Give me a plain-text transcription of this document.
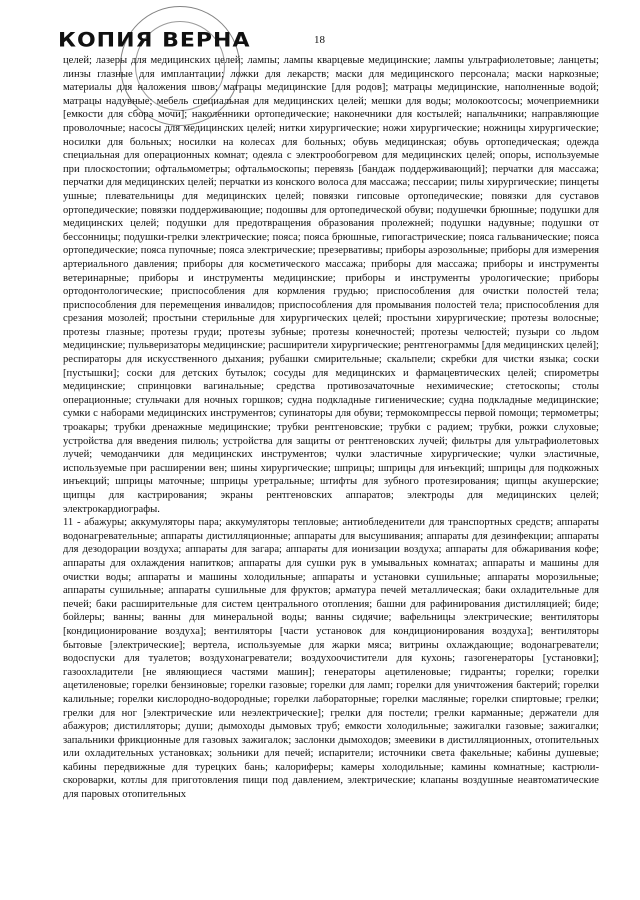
КОПИЯ ВЕРНА	18

целей; лазеры для медицинских целей; лампы; лампы кварцевые медицинские; лампы ультрафиолетовые; ланцеты; линзы глазные для имплантации; ложки для лекарств; маски для медицинского персонала; маски наркозные; материалы для наложения швов; матрацы медицинские [для родов]; матрацы медицинские, наполненные водой; матрацы надувные; мебель специальная для медицинских целей; мешки для воды; молокоотсосы; мочеприемники [емкости для сбора мочи]; наколенники ортопедические; наконечники для костылей; напальчники; направляющие проволочные; насосы для медицинских целей; нитки хирургические; ножи хирургические; ножницы хирургические; носилки для больных; носилки на колесах для больных; обувь медицинская; обувь ортопедическая; одежда специальная для операционных комнат; одеяла с электрообогревом для медицинских целей; опоры, используемые при плоскостопии; офтальмометры; офтальмоскопы; перевязь [бандаж поддерживающий]; перчатки для массажа; перчатки для медицинских целей; перчатки из конского волоса для массажа; пессарии; пилы хирургические; пинцеты ушные; плевательницы для медицинских целей; повязки гипсовые ортопедические; повязки для суставов ортопедические; повязки поддерживающие; подошвы для ортопедической обуви; подушечки брюшные; подушки для медицинских целей; подушки для предотвращения образования пролежней; подушки надувные; подушки от бессонницы; подушки-грелки электрические; пояса; пояса брюшные, гипогастрические; пояса гальванические; пояса ортопедические; пояса пупочные; пояса электрические; презервативы; приборы аэрозольные; приборы для измерения артериального давления; приборы для косметического массажа; приборы для массажа; приборы и инструменты ветеринарные; приборы и инструменты медицинские; приборы и инструменты урологические; приборы ортодонтологические; приспособления для кормления грудью; приспособления для очистки полостей тела; приспособления для перемещения инвалидов; приспособления для промывания полостей тела; приспособления для срезания мозолей; простыни стерильные для хирургических целей; простыни хирургические; протезы волосные; протезы глазные; протезы груди; протезы зубные; протезы конечностей; протезы челюстей; пузыри со льдом медицинские; пульверизаторы медицинские; расширители хирургические; рентгенограммы [для медицинских целей]; респираторы для искусственного дыхания; рубашки смирительные; скальпели; скребки для чистки языка; соски [пустышки]; соски для детских бутылок; сосуды для медицинских и фармацевтических целей; спирометры медицинские; спринцовки вагинальные; средства противозачаточные нехимические; стетоскопы; столы операционные; стульчаки для ночных горшков; судна подкладные гигиенические; судна подкладные медицинские; сумки с наборами медицинских инструментов; супинаторы для обуви; термокомпрессы первой помощи; термометры; троакары; трубки дренажные медицинские; трубки рентгеновские; трубки с радием; трубки, рожки слуховые; устройства для введения пилюль; устройства для защиты от рентгеновских лучей; фильтры для ультрафиолетовых лучей; чемоданчики для медицинских инструментов; чулки эластичные хирургические; чулки эластичные, используемые при расширении вен; шины хирургические; шприцы; шприцы для инъекций; шприцы для подкожных инъекций; шприцы маточные; шприцы уретральные; штифты для зубного протезирования; щипцы акушерские; щипцы для кастрирования; экраны рентгеновских аппаратов; электроды для медицинских целей; электрокардиографы.

11 - абажуры; аккумуляторы пара; аккумуляторы тепловые; антиобледенители для транспортных средств; аппараты водонагревательные; аппараты дистилляционные; аппараты для высушивания; аппараты для дезинфекции; аппараты для дезодорации воздуха; аппараты для загара; аппараты для ионизации воздуха; аппараты для обжаривания кофе; аппараты для охлаждения напитков; аппараты для сушки рук в умывальных комнатах; аппараты и машины для очистки воды; аппараты и машины холодильные; аппараты и установки сушильные; аппараты морозильные; аппараты сушильные; аппараты сушильные для фруктов; арматура печей металлическая; баки охладительные для печей; баки расширительные для систем центрального отопления; башни для рафинирования дистилляцией; биде; бойлеры; ванны; ванны для минеральной воды; ванны сидячие; вафельницы электрические; вентиляторы [кондиционирование воздуха]; вентиляторы [части установок для кондиционирования воздуха]; вентиляторы бытовые [электрические]; вертела, используемые для жарки мяса; витрины охлаждающие; водонагреватели; водоспуски для туалетов; воздухонагреватели; воздухоочистители для кухонь; газогенераторы [установки]; газоохладители [не являющиеся частями машин]; генераторы ацетиленовые; гидранты; горелки; горелки ацетиленовые; горелки бензиновые; горелки газовые; горелки для ламп; горелки для уничтожения бактерий; горелки калильные; горелки кислородно-водородные; горелки лабораторные; горелки масляные; горелки спиртовые; грелки; грелки для ног [электрические или неэлектрические]; грелки для постели; грелки карманные; держатели для абажуров; дистилляторы; души; дымоходы дымовых труб; емкости холодильные; зажигалки газовые; зажигалки; запальники фрикционные для газовых зажигалок; заслонки дымоходов; змеевики в дистилляционных, отопительных или охладительных установках; зольники для печей; испарители; источники света факельные; кабины душевые; кабины передвижные для турецких бань; калориферы; камеры холодильные; камины комнатные; кастрюли-скороварки, котлы для приготовления пищи под давлением, электрические; клапаны воздушные неавтоматические для паровых отопительных
